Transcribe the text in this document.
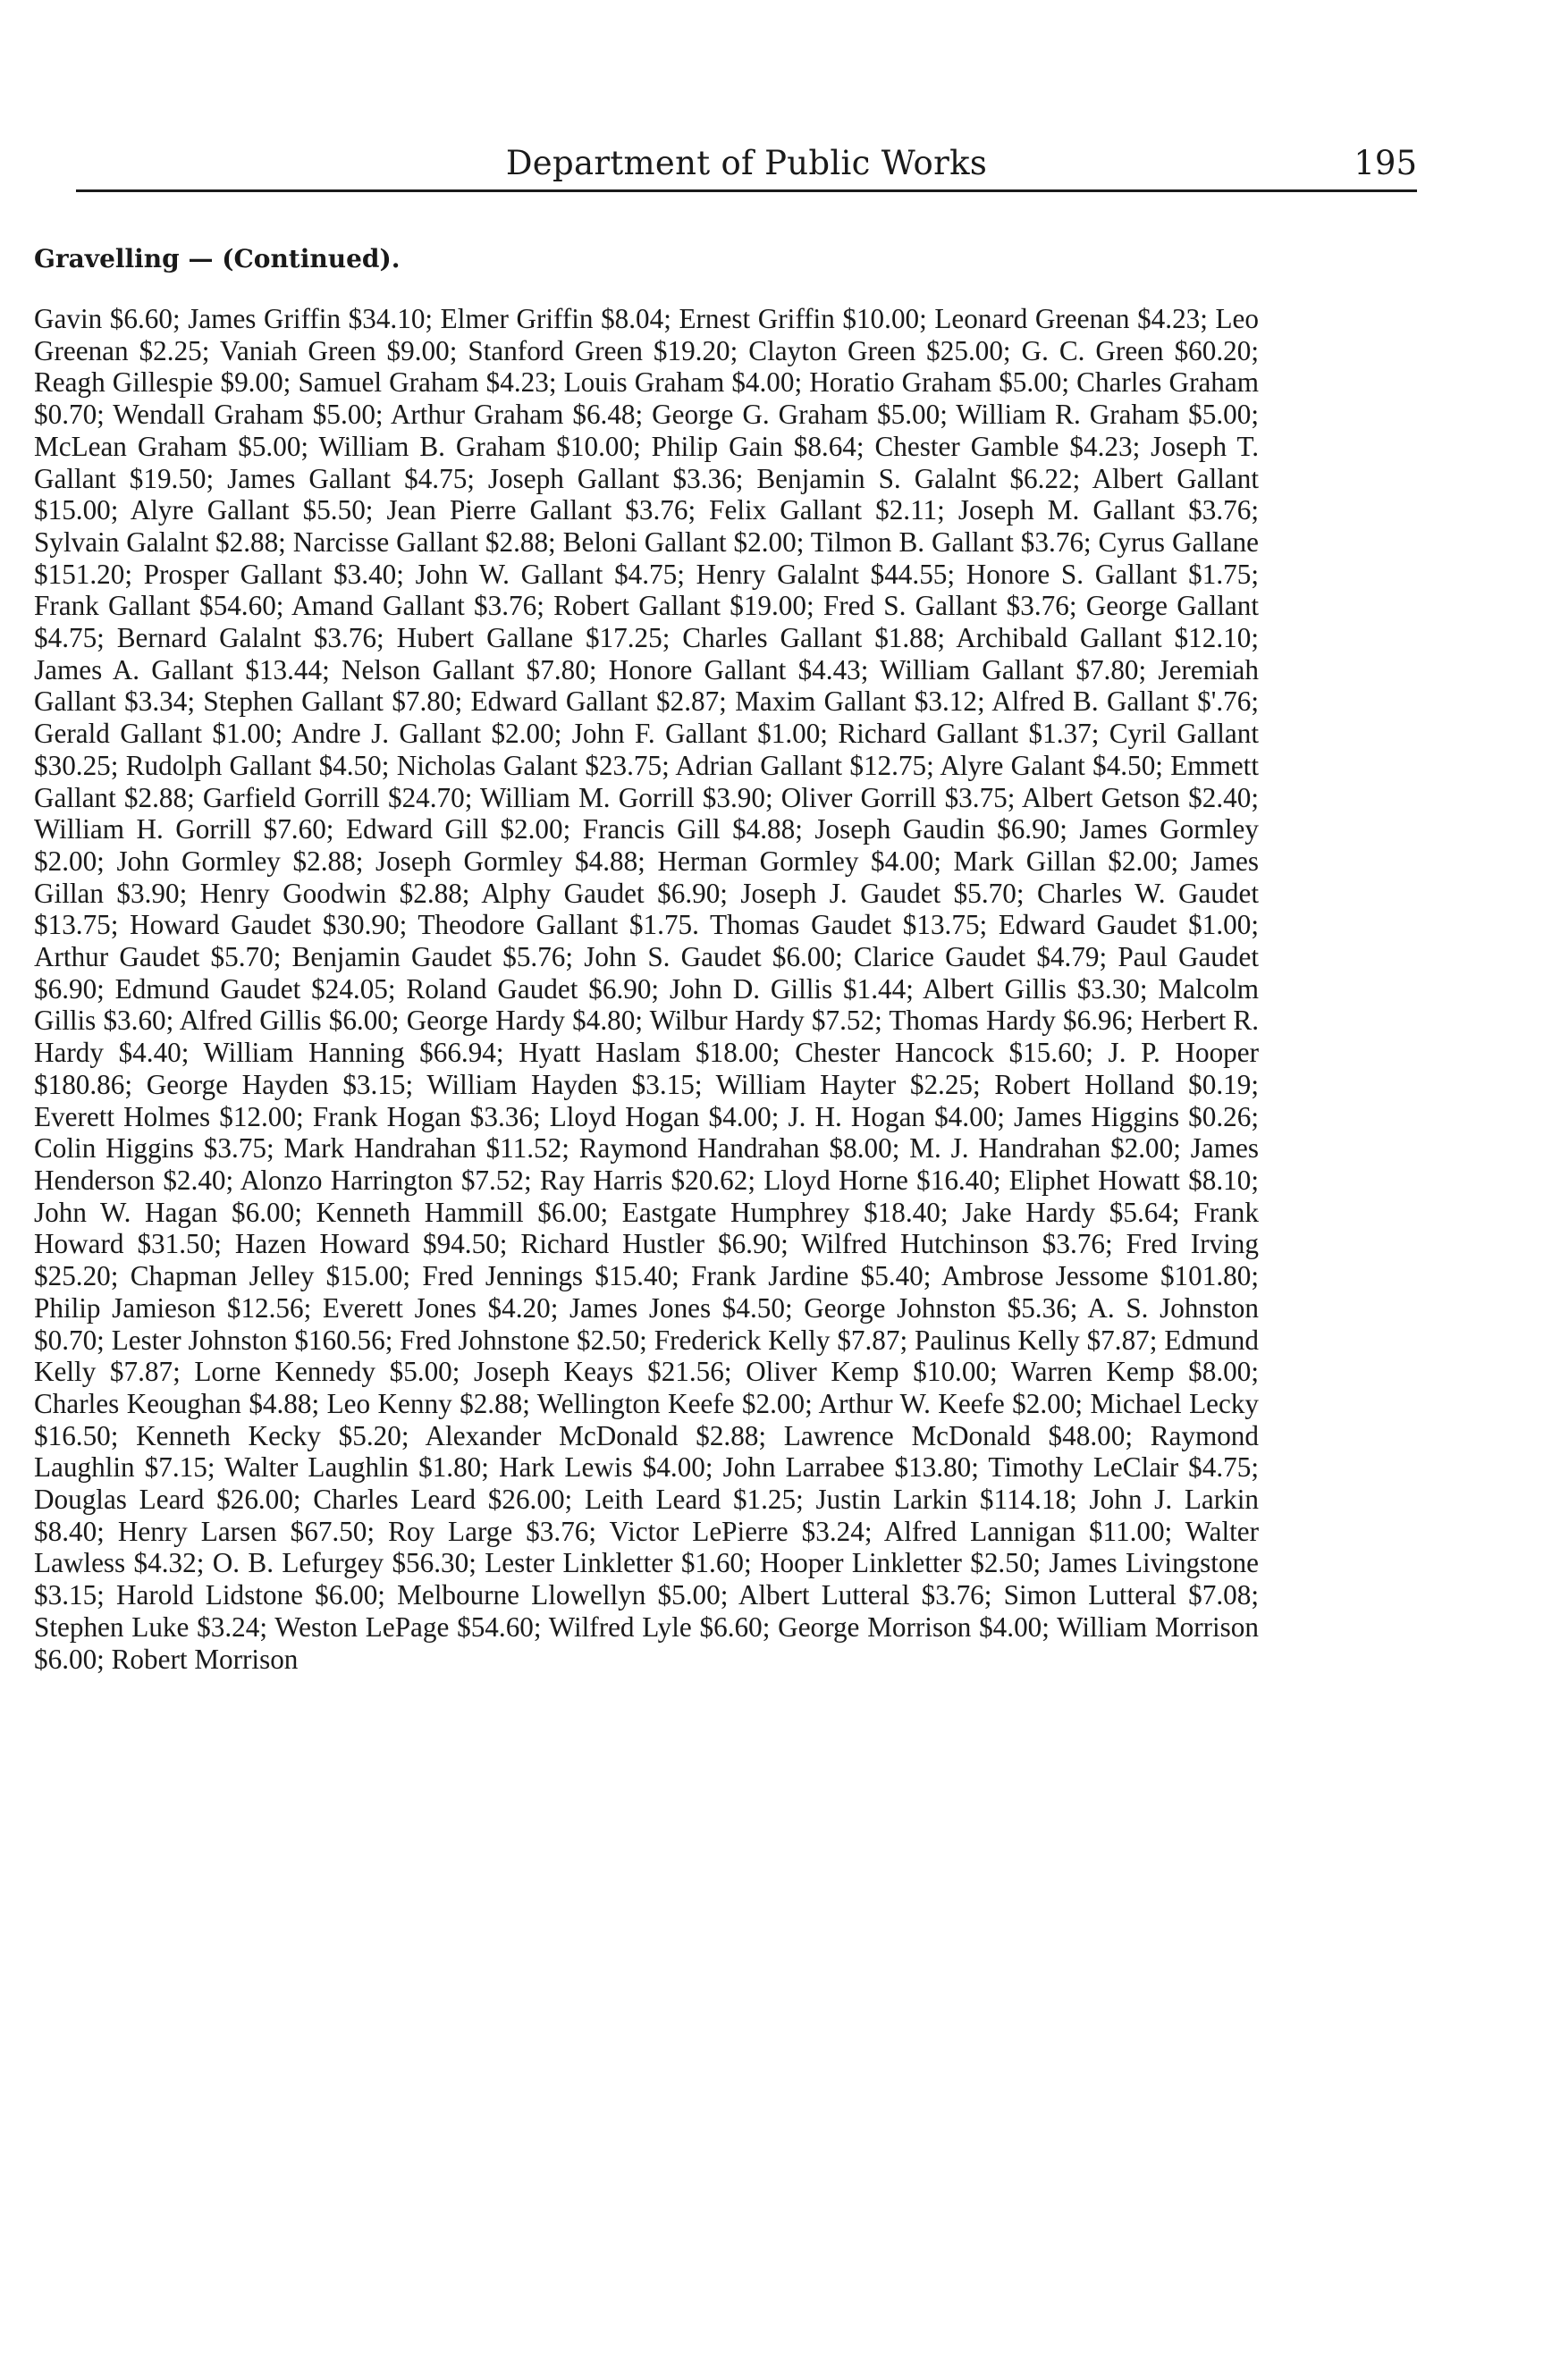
Department of Public Works	195
Gravelling — (Continued).

Gavin $6.60; James Griffin $34.10; Elmer Griffin $8.04; Ernest Griffin $10.00; Leonard Greenan $4.23; Leo Greenan $2.25; Vaniah Green $9.00; Stanford Green $19.20; Clayton Green $25.00; G. C. Green $60.20; Reagh Gillespie $9.00; Samuel Graham $4.23; Louis Graham $4.00; Horatio Graham $5.00; Charles Graham $0.70; Wendall Graham $5.00; Arthur Graham $6.48; George G. Graham $5.00; William R. Graham $5.00; McLean Graham $5.00; William B. Graham $10.00; Philip Gain $8.64; Chester Gamble $4.23; Joseph T. Gallant $19.50; James Gallant $4.75; Joseph Gallant $3.36; Benjamin S. Galalnt $6.22; Albert Gallant $15.00; Alyre Gallant $5.50; Jean Pierre Gallant $3.76; Felix Gallant $2.11; Joseph M. Gallant $3.76; Sylvain Galalnt $2.88; Narcisse Gallant $2.88; Beloni Gallant $2.00; Tilmon B. Gallant $3.76; Cyrus Gallane $151.20; Prosper Gallant $3.40; John W. Gallant $4.75; Henry Galalnt $44.55; Honore S. Gallant $1.75; Frank Gallant $54.60; Amand Gallant $3.76; Robert Gallant $19.00; Fred S. Gallant $3.76; George Gallant $4.75; Bernard Galalnt $3.76; Hubert Gallane $17.25; Charles Gallant $1.88; Archibald Gallant $12.10; James A. Gallant $13.44; Nelson Gallant $7.80; Honore Gallant $4.43; William Gallant $7.80; Jeremiah Gallant $3.34; Stephen Gallant $7.80; Edward Gallant $2.87; Maxim Gallant $3.12; Alfred B. Gallant $'.76; Gerald Gallant $1.00; Andre J. Gallant $2.00; John F. Gallant $1.00; Richard Gallant $1.37; Cyril Gallant $30.25; Rudolph Gallant $4.50; Nicholas Galant $23.75; Adrian Gallant $12.75; Alyre Galant $4.50; Emmett Gallant $2.88; Garfield Gorrill $24.70; William M. Gorrill $3.90; Oliver Gorrill $3.75; Albert Getson $2.40; William H. Gorrill $7.60; Edward Gill $2.00; Francis Gill $4.88; Joseph Gaudin $6.90; James Gormley $2.00; John Gormley $2.88; Joseph Gormley $4.88; Herman Gormley $4.00; Mark Gillan $2.00; James Gillan $3.90; Henry Goodwin $2.88; Alphy Gaudet $6.90; Joseph J. Gaudet $5.70; Charles W. Gaudet $13.75; Howard Gaudet $30.90; Theodore Gallant $1.75. Thomas Gaudet $13.75; Edward Gaudet $1.00; Arthur Gaudet $5.70; Benjamin Gaudet $5.76; John S. Gaudet $6.00; Clarice Gaudet $4.79; Paul Gaudet $6.90; Edmund Gaudet $24.05; Roland Gaudet $6.90; John D. Gillis $1.44; Albert Gillis $3.30; Malcolm Gillis $3.60; Alfred Gillis $6.00; George Hardy $4.80; Wilbur Hardy $7.52; Thomas Hardy $6.96; Herbert R. Hardy $4.40; William Hanning $66.94; Hyatt Haslam $18.00; Chester Hancock $15.60; J. P. Hooper $180.86; George Hayden $3.15; William Hayden $3.15; William Hayter $2.25; Robert Holland $0.19; Everett Holmes $12.00; Frank Hogan $3.36; Lloyd Hogan $4.00; J. H. Hogan $4.00; James Higgins $0.26; Colin Higgins $3.75; Mark Handrahan $11.52; Raymond Handrahan $8.00; M. J. Handrahan $2.00; James Henderson $2.40; Alonzo Harrington $7.52; Ray Harris $20.62; Lloyd Horne $16.40; Eliphet Howatt $8.10; John W. Hagan $6.00; Kenneth Hammill $6.00; Eastgate Humphrey $18.40; Jake Hardy $5.64; Frank Howard $31.50; Hazen Howard $94.50; Richard Hustler $6.90; Wilfred Hutchinson $3.76; Fred Irving $25.20; Chapman Jelley $15.00; Fred Jennings $15.40; Frank Jardine $5.40; Ambrose Jessome $101.80; Philip Jamieson $12.56; Everett Jones $4.20; James Jones $4.50; George Johnston $5.36; A. S. Johnston $0.70; Lester Johnston $160.56; Fred Johnstone $2.50; Frederick Kelly $7.87; Paulinus Kelly $7.87; Edmund Kelly $7.87; Lorne Kennedy $5.00; Joseph Keays $21.56; Oliver Kemp $10.00; Warren Kemp $8.00; Charles Keoughan $4.88; Leo Kenny $2.88; Wellington Keefe $2.00; Arthur W. Keefe $2.00; Michael Lecky $16.50; Kenneth Kecky $5.20; Alexander McDonald $2.88; Lawrence McDonald $48.00; Raymond Laughlin $7.15; Walter Laughlin $1.80; Hark Lewis $4.00; John Larrabee $13.80; Timothy LeClair $4.75; Douglas Leard $26.00; Charles Leard $26.00; Leith Leard $1.25; Justin Larkin $114.18; John J. Larkin $8.40; Henry Larsen $67.50; Roy Large $3.76; Victor LePierre $3.24; Alfred Lannigan $11.00; Walter Lawless $4.32; O. B. Lefurgey $56.30; Lester Linkletter $1.60; Hooper Linkletter $2.50; James Livingstone $3.15; Harold Lidstone $6.00; Melbourne Llowellyn $5.00; Albert Lutteral $3.76; Simon Lutteral $7.08; Stephen Luke $3.24; Weston LePage $54.60; Wilfred Lyle $6.60; George Morrison $4.00; William Morrison $6.00; Robert Morrison
